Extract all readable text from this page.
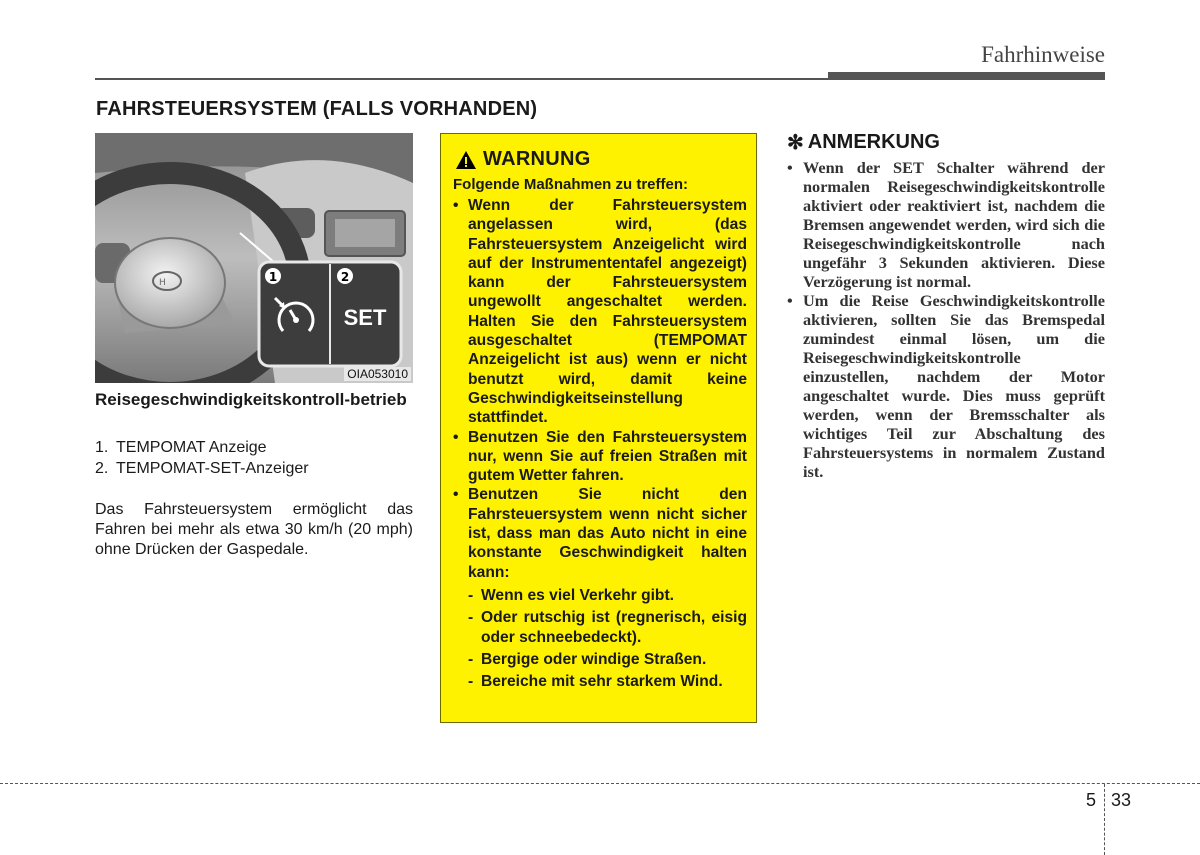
Fahrhinweise
FAHRSTEUERSYSTEM (FALLS VORHANDEN)
H	1	2
SET
OIA053010
Reisegeschwindigkeitskontroll-betrieb
1. TEMPOMAT Anzeige
2. TEMPOMAT-SET-Anzeiger
Das Fahrsteuersystem ermöglicht das Fahren bei mehr als etwa 30 km/h (20 mph) ohne Drücken der Gaspedale.
WARNUNG
Folgende Maßnahmen zu treffen:
• Wenn der Fahrsteuersystem angelassen wird, (das Fahrsteuersystem Anzeigelicht wird auf der Instrumententafel angezeigt) kann der Fahrsteuersystem ungewollt angeschaltet werden. Halten Sie den Fahrsteuersystem ausgeschaltet (TEMPOMAT Anzeigelicht ist aus) wenn er nicht benutzt wird, damit keine Geschwindigkeitseinstellung stattfindet.
• Benutzen Sie den Fahrsteuersystem nur, wenn Sie auf freien Straßen mit gutem Wetter fahren.
• Benutzen Sie nicht den Fahrsteuersystem wenn nicht sicher ist, dass man das Auto nicht in eine konstante Geschwindigkeit halten kann:
- Wenn es viel Verkehr gibt.
- Oder rutschig ist (regnerisch, eisig oder schneebedeckt).
- Bergige oder windige Straßen.
- Bereiche mit sehr starkem Wind.
✻ ANMERKUNG
• Wenn der SET Schalter während der normalen Reisegeschwindigkeitskontrolle aktiviert oder reaktiviert ist, nachdem die Bremsen angewendet werden, wird sich die Reisegeschwindigkeitskontrolle nach ungefähr 3 Sekunden aktivieren. Diese Verzögerung ist normal.
• Um die Reise Geschwindigkeitskontrolle aktivieren, sollten Sie das Bremspedal zumindest einmal lösen, um die Reisegeschwindigkeitskontrolle einzustellen, nachdem der Motor angeschaltet wurde. Dies muss geprüft werden, wenn der Bremsschalter als wichtiges Teil zur Abschaltung des Fahrsteuersystems in normalem Zustand ist.
5 33
